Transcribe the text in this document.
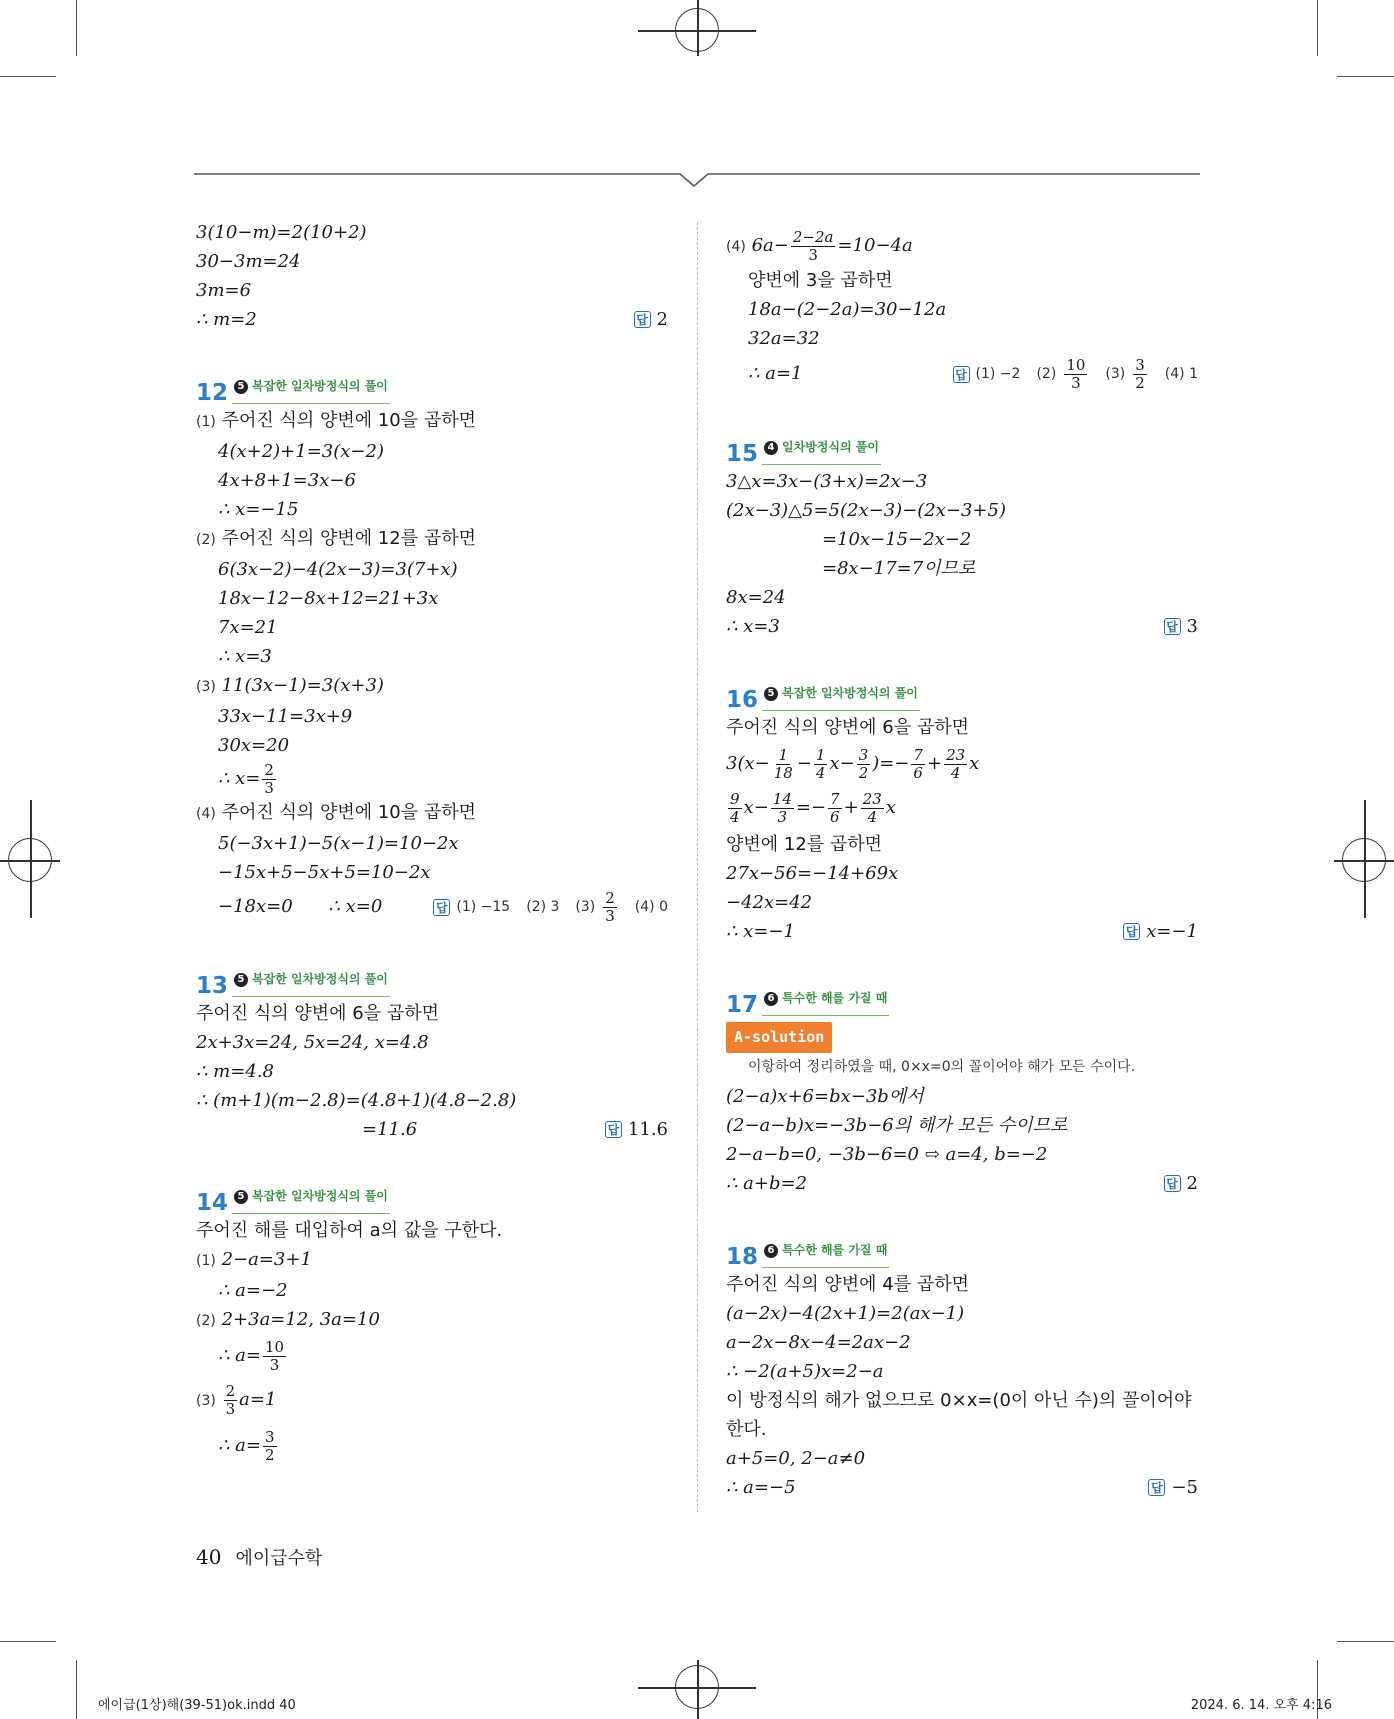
3(10−m)=2(10+2)
30−3m=24
3m=6
∴ m=2	답 2
12 5 복잡한 일차방정식의 풀이
(1) 주어진 식의 양변에 10을 곱하면
4(x+2)+1=3(x−2)
4x+8+1=3x−6
∴ x=−15
(2) 주어진 식의 양변에 12를 곱하면
6(3x−2)−4(2x−3)=3(7+x)
18x−12−8x+12=21+3x
7x=21
∴ x=3
(3) 11(3x−1)=3(x+3)
33x−11=3x+9
30x=20
∴ $x= \frac{2}{3}$
(4) 주어진 식의 양변에 10을 곱하면
5(−3x+1)−5(x−1)=10−2x
−15x+5−5x+5=10−2x
−18x=0 ∴ x=0	답 (1) −15 (2) 3 $(3) \frac{2}{3} (4)$ 0
13 5 복잡한 일차방정식의 풀이
주어진 식의 양변에 6을 곱하면
2x+3x=24, 5x=24, x=4.8
∴ m=4.8
∴ (m+1)(m−2.8)=(4.8+1)(4.8−2.8)
=11.6	답 11.6
14 5 복잡한 일차방정식의 풀이
주어진 해를 대입하여 a의 값을 구한다.
(1) 2−a=3+1
∴ a=−2
(2) 2+3a=12, 3a=10
∴ $a= \frac{10}{3}$
$(3) \frac{2}{3} a=1$
∴ $a= \frac{3}{2}$
(4) $6a- \frac{2-2a}{3} =10-4a$
양변에 3을 곱하면
18a−(2−2a)=30−12a
32a=32
∴ a=1	답 (1) −2 $(2) \frac{10}{3} (3) \frac{3}{2} (4)$ 1
15 4 일차방정식의 풀이
3△x=3x−(3+x)=2x−3
(2x−3)△5=5(2x−3)−(2x−3+5)
=10x−15−2x−2
=8x−17=7이므로
8x=24
∴ x=3	답 3
16 5 복잡한 일차방정식의 풀이
주어진 식의 양변에 6을 곱하면
$3(x- \frac{1}{18} - \frac{1}{4} x- \frac{3}{2}$ )=− $\frac{7}{6} + \frac{23}{4}$ x
$\frac{9}{4} x- \frac{14}{3} =- \frac{7}{6} + \frac{23}{4}$ x
양변에 12를 곱하면
27x−56=−14+69x
−42x=42
∴ x=−1	답 x=−1
17 6 특수한 해를 가질 때
A-solution
이항하여 정리하였을 때, 0×x=0의 꼴이어야 해가 모든 수이다.
(2−a)x+6=bx−3b에서
(2−a−b)x=−3b−6의 해가 모든 수이므로
2−a−b=0, −3b−6=0 ⇨ a=4, b=−2
∴ a+b=2	답 2
18 6 특수한 해를 가질 때
주어진 식의 양변에 4를 곱하면
(a−2x)−4(2x+1)=2(ax−1)
a−2x−8x−4=2ax−2
∴ −2(a+5)x=2−a
이 방정식의 해가 없으므로 0×x=(0이 아닌 수)의 꼴이어야
한다.
a+5=0, 2−a≠0
∴ a=−5	답 −5
40 에이급수학
에이급(1상)해(39-51)ok.indd 40	2024. 6. 14. 오후 4:16
